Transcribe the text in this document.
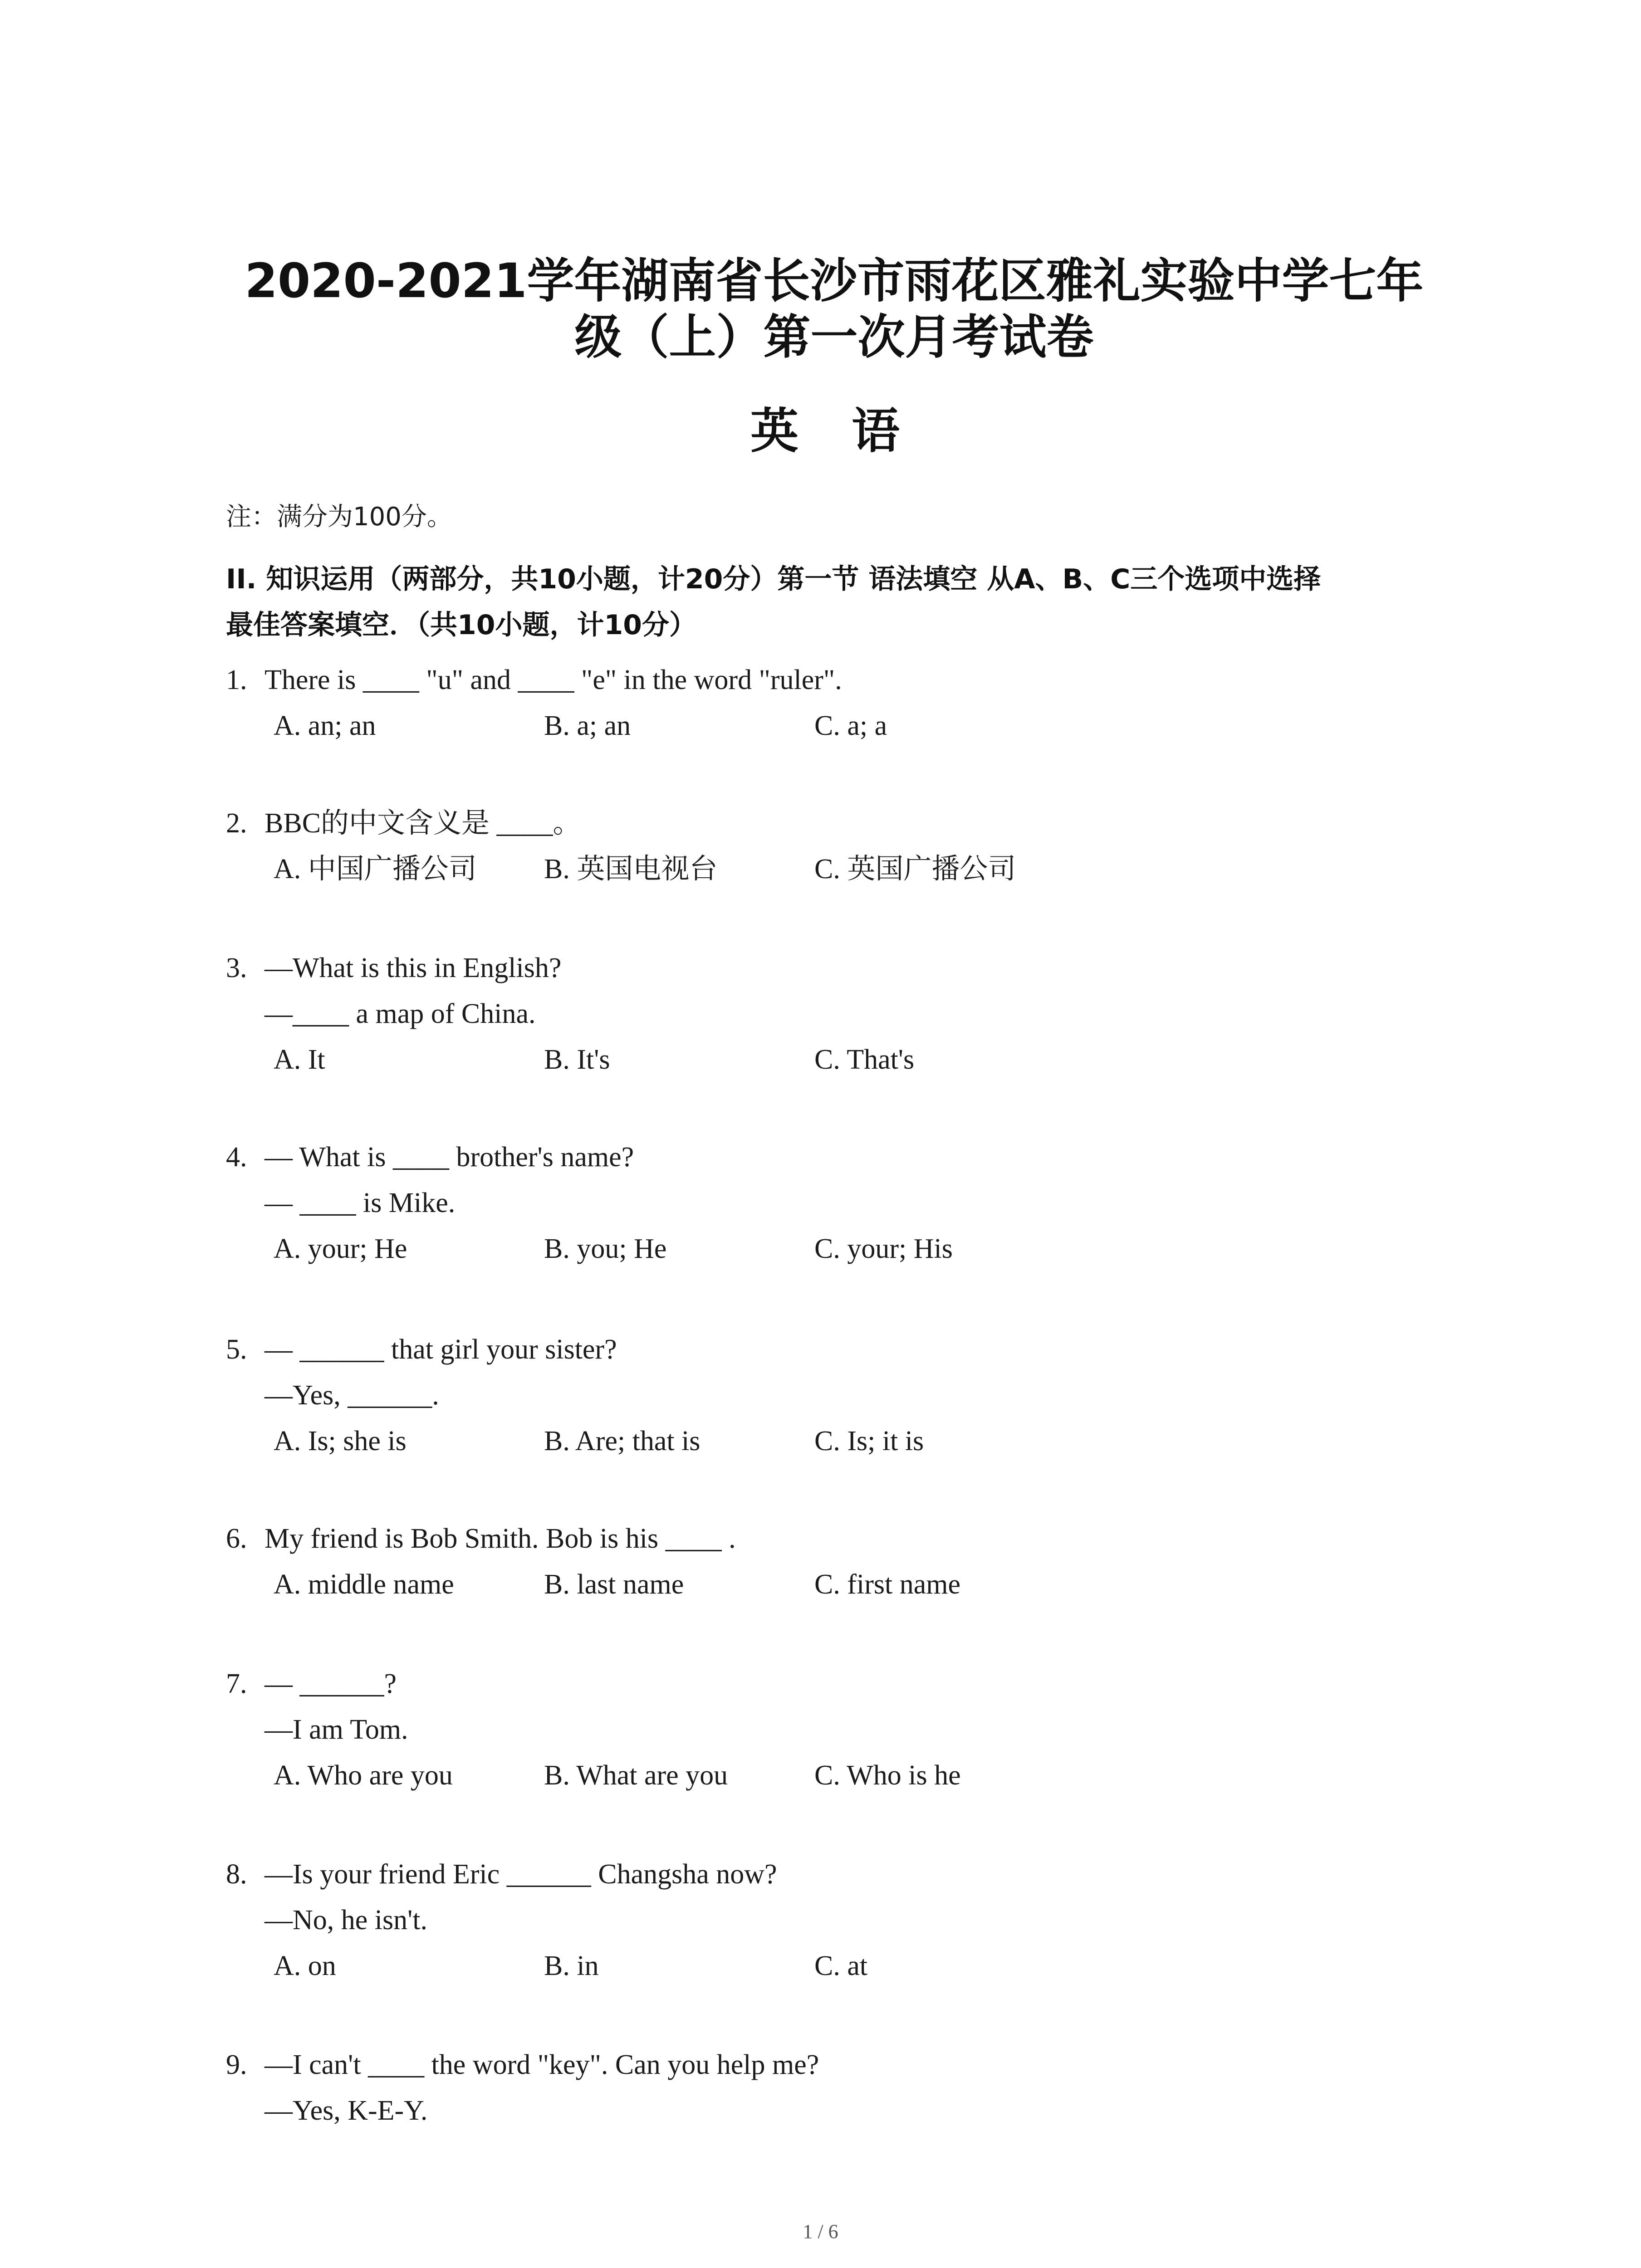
2020-2021学年湖南省长沙市雨花区雅礼实验中学七年
级（上）第一次月考试卷
英 语
注：满分为100分。
II. 知识运用（两部分，共10小题，计20分）第一节 语法填空 从A、B、C三个选项中选择
最佳答案填空．（共10小题，计10分）
1. There is ____ "u" and ____ "e" in the word "ruler".
A. an; an	B. a; an	C. a; a
2. BBC的中文含义是 ____。
A. 中国广播公司 B. 英国电视台	C. 英国广播公司
3. —What is this in English?
—____ a map of China.
A. It	B. It's	C. That's
4. — What is ____ brother's name?
— ____ is Mike.
A. your; He	B. you; He	C. your; His
5. — ______ that girl your sister?
—Yes, ______.
A. Is; she is	B. Are; that is	C. Is; it is
6. My friend is Bob Smith. Bob is his ____ .
A. middle name	B. last name	C. first name
7. — ______?
—I am Tom.
A. Who are you	B. What are you	C. Who is he
8. —Is your friend Eric ______ Changsha now?
—No, he isn't.
A. on	B. in	C. at
9. —I can't ____ the word "key". Can you help me?
—Yes, K-E-Y.
1 / 6
